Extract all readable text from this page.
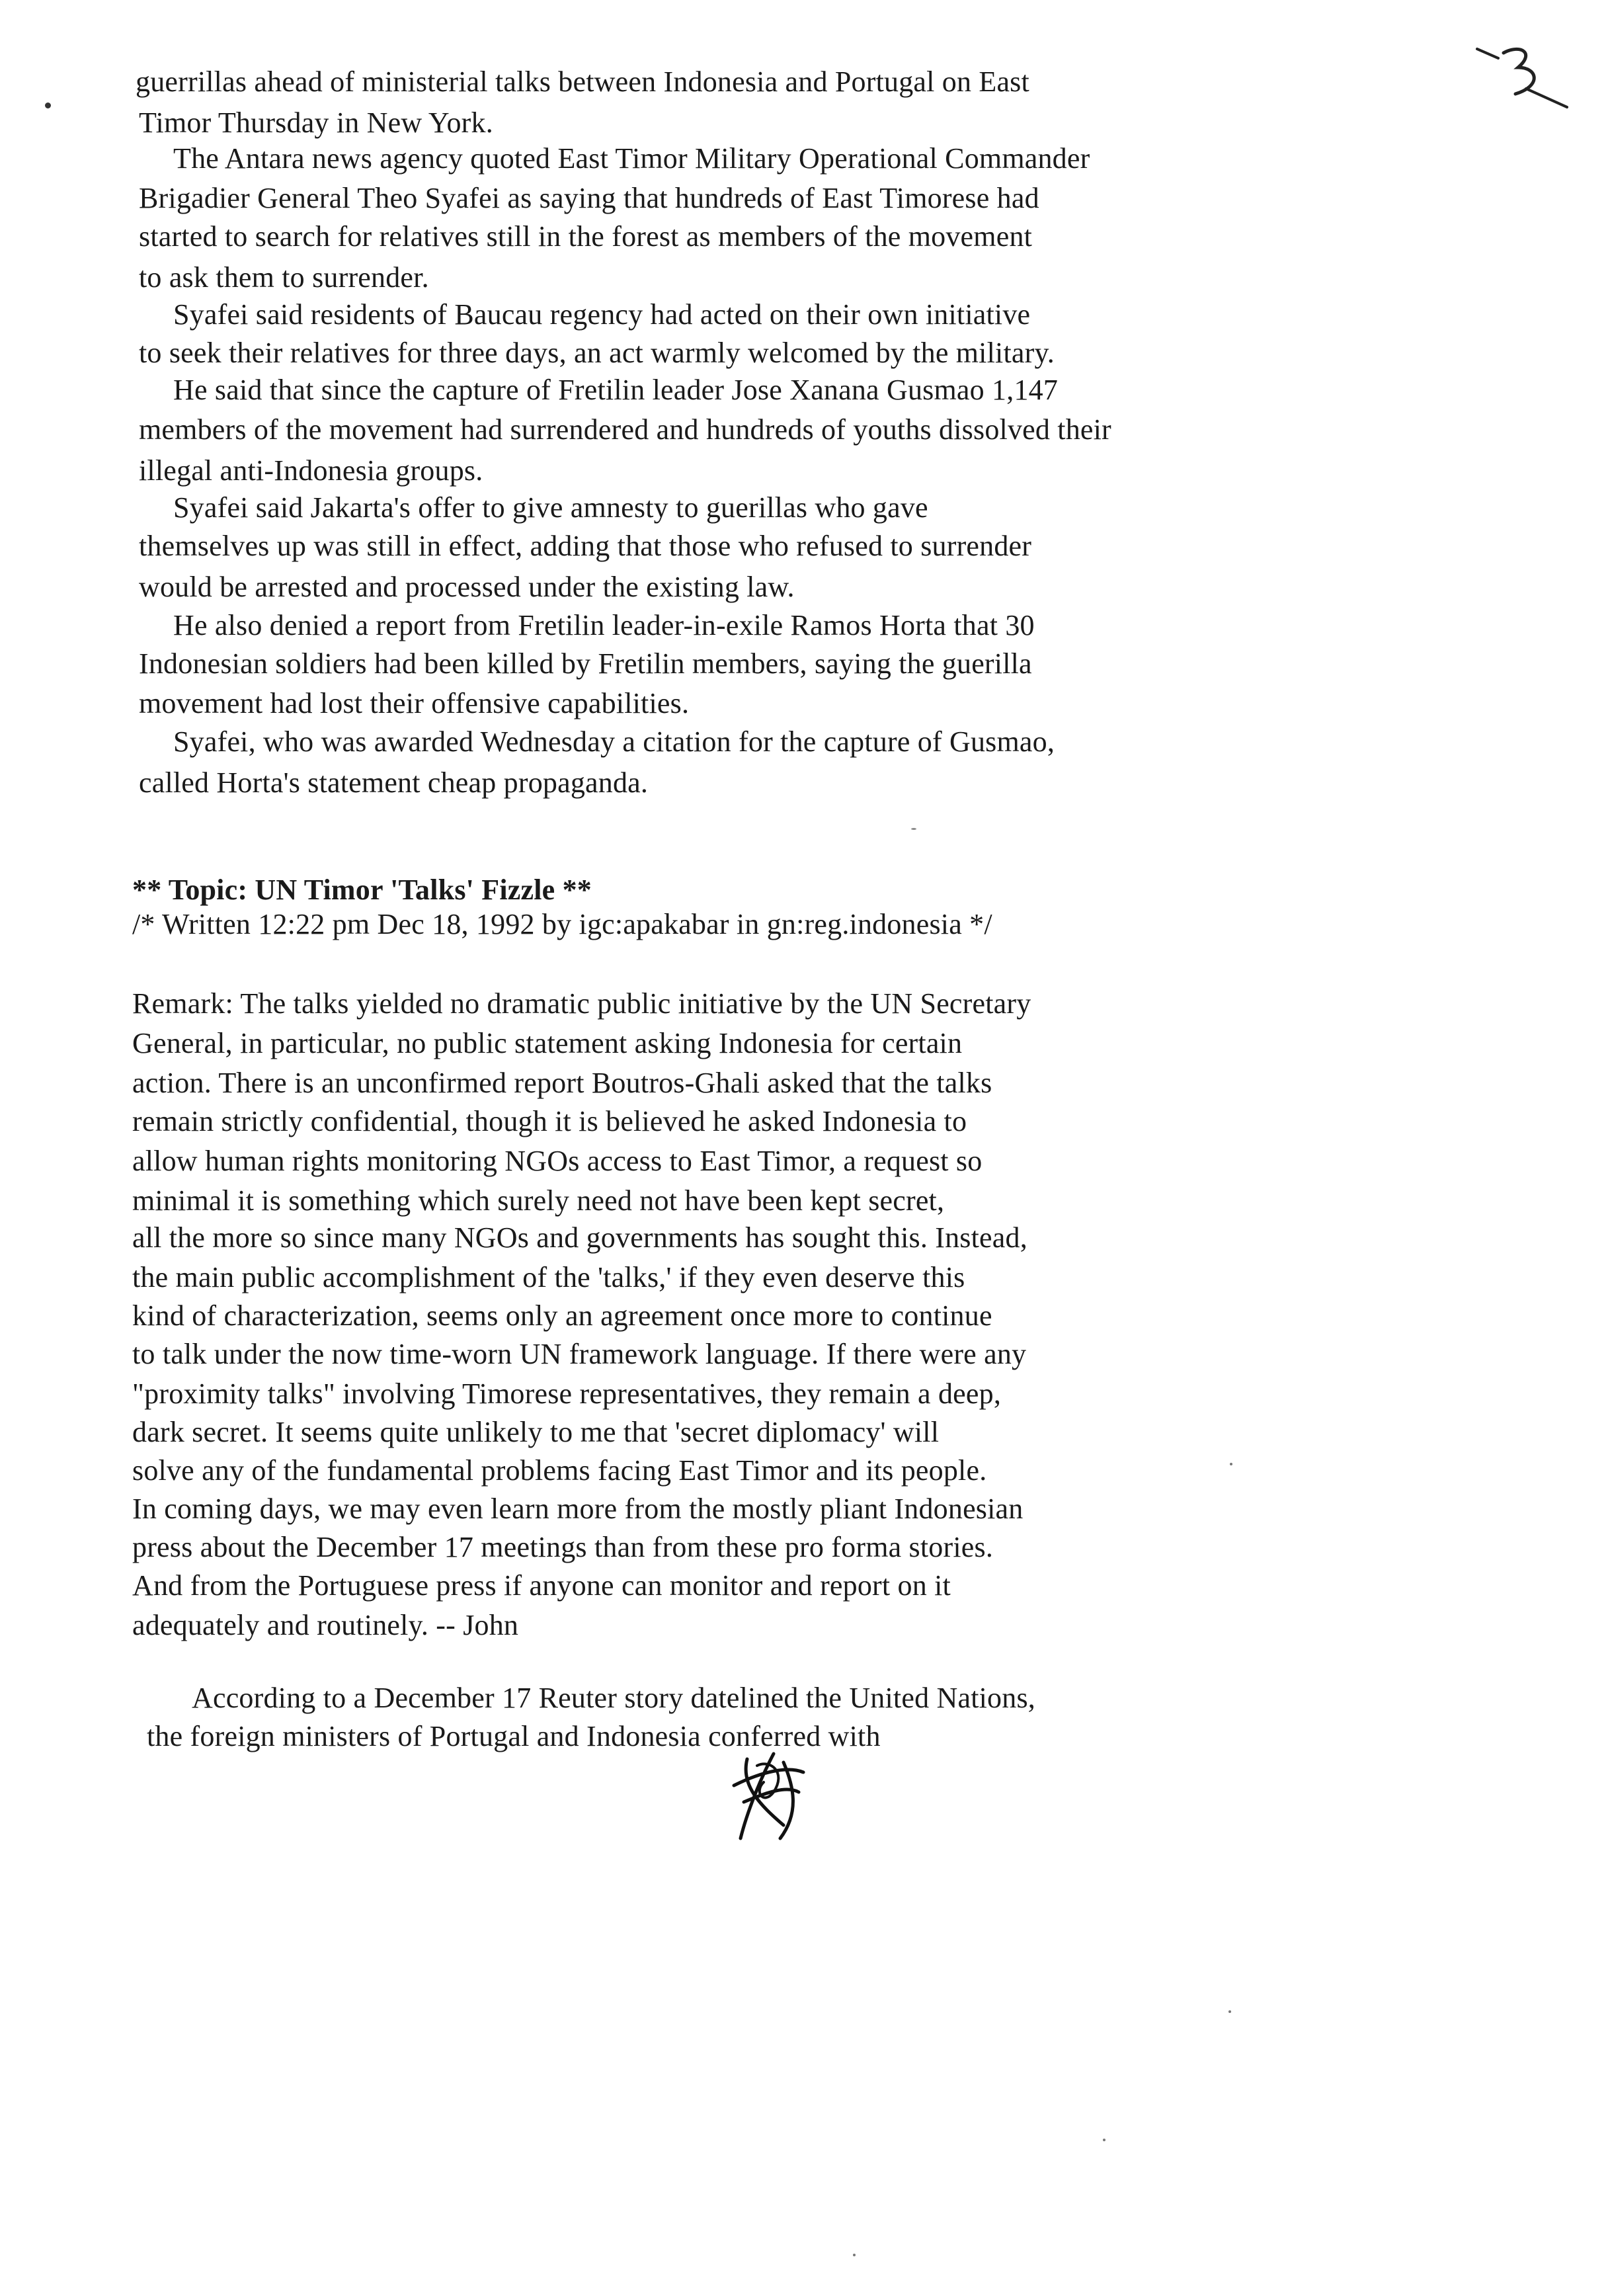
guerrillas ahead of ministerial talks between Indonesia and Portugal on East
Timor Thursday in New York.
The Antara news agency quoted East Timor Military Operational Commander
Brigadier General Theo Syafei as saying that hundreds of East Timorese had
started to search for relatives still in the forest as members of the movement
to ask them to surrender.
Syafei said residents of Baucau regency had acted on their own initiative
to seek their relatives for three days, an act warmly welcomed by the military.
He said that since the capture of Fretilin leader Jose Xanana Gusmao 1,147
members of the movement had surrendered and hundreds of youths dissolved their
illegal anti-Indonesia groups.
Syafei said Jakarta's offer to give amnesty to guerillas who gave
themselves up was still in effect, adding that those who refused to surrender
would be arrested and processed under the existing law.
He also denied a report from Fretilin leader-in-exile Ramos Horta that 30
Indonesian soldiers had been killed by Fretilin members, saying the guerilla
movement had lost their offensive capabilities.
Syafei, who was awarded Wednesday a citation for the capture of Gusmao,
called Horta's statement cheap propaganda.
** Topic: UN Timor 'Talks' Fizzle **
/* Written 12:22 pm Dec 18, 1992 by igc:apakabar in gn:reg.indonesia */
Remark: The talks yielded no dramatic public initiative by the UN Secretary
General, in particular, no public statement asking Indonesia for certain
action. There is an unconfirmed report Boutros-Ghali asked that the talks
remain strictly confidential, though it is believed he asked Indonesia to
allow human rights monitoring NGOs access to East Timor, a request so
minimal it is something which surely need not have been kept secret,
all the more so since many NGOs and governments has sought this. Instead,
the main public accomplishment of the 'talks,' if they even deserve this
kind of characterization, seems only an agreement once more to continue
to talk under the now time-worn UN framework language. If there were any
"proximity talks" involving Timorese representatives, they remain a deep,
dark secret. It seems quite unlikely to me that 'secret diplomacy' will
solve any of the fundamental problems facing East Timor and its people.
In coming days, we may even learn more from the mostly pliant Indonesian
press about the December 17 meetings than from these pro forma stories.
And from the Portuguese press if anyone can monitor and report on it
adequately and routinely. -- John
According to a December 17 Reuter story datelined the United Nations,
the foreign ministers of Portugal and Indonesia conferred with
